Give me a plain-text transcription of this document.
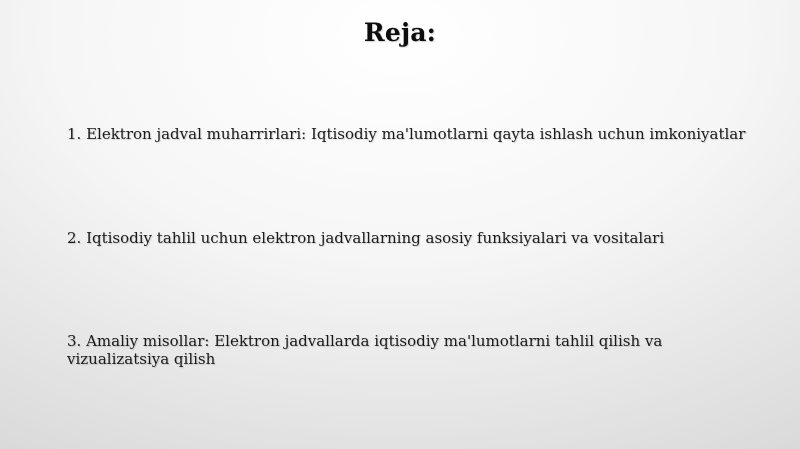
Reja:

1. Elektron jadval muharrirlari: Iqtisodiy ma'lumotlarni qayta ishlash uchun imkoniyatlar

2. Iqtisodiy tahlil uchun elektron jadvallarning asosiy funksiyalari va vositalari

3. Amaliy misollar: Elektron jadvallarda iqtisodiy ma'lumotlarni tahlil qilish va vizualizatsiya qilish
